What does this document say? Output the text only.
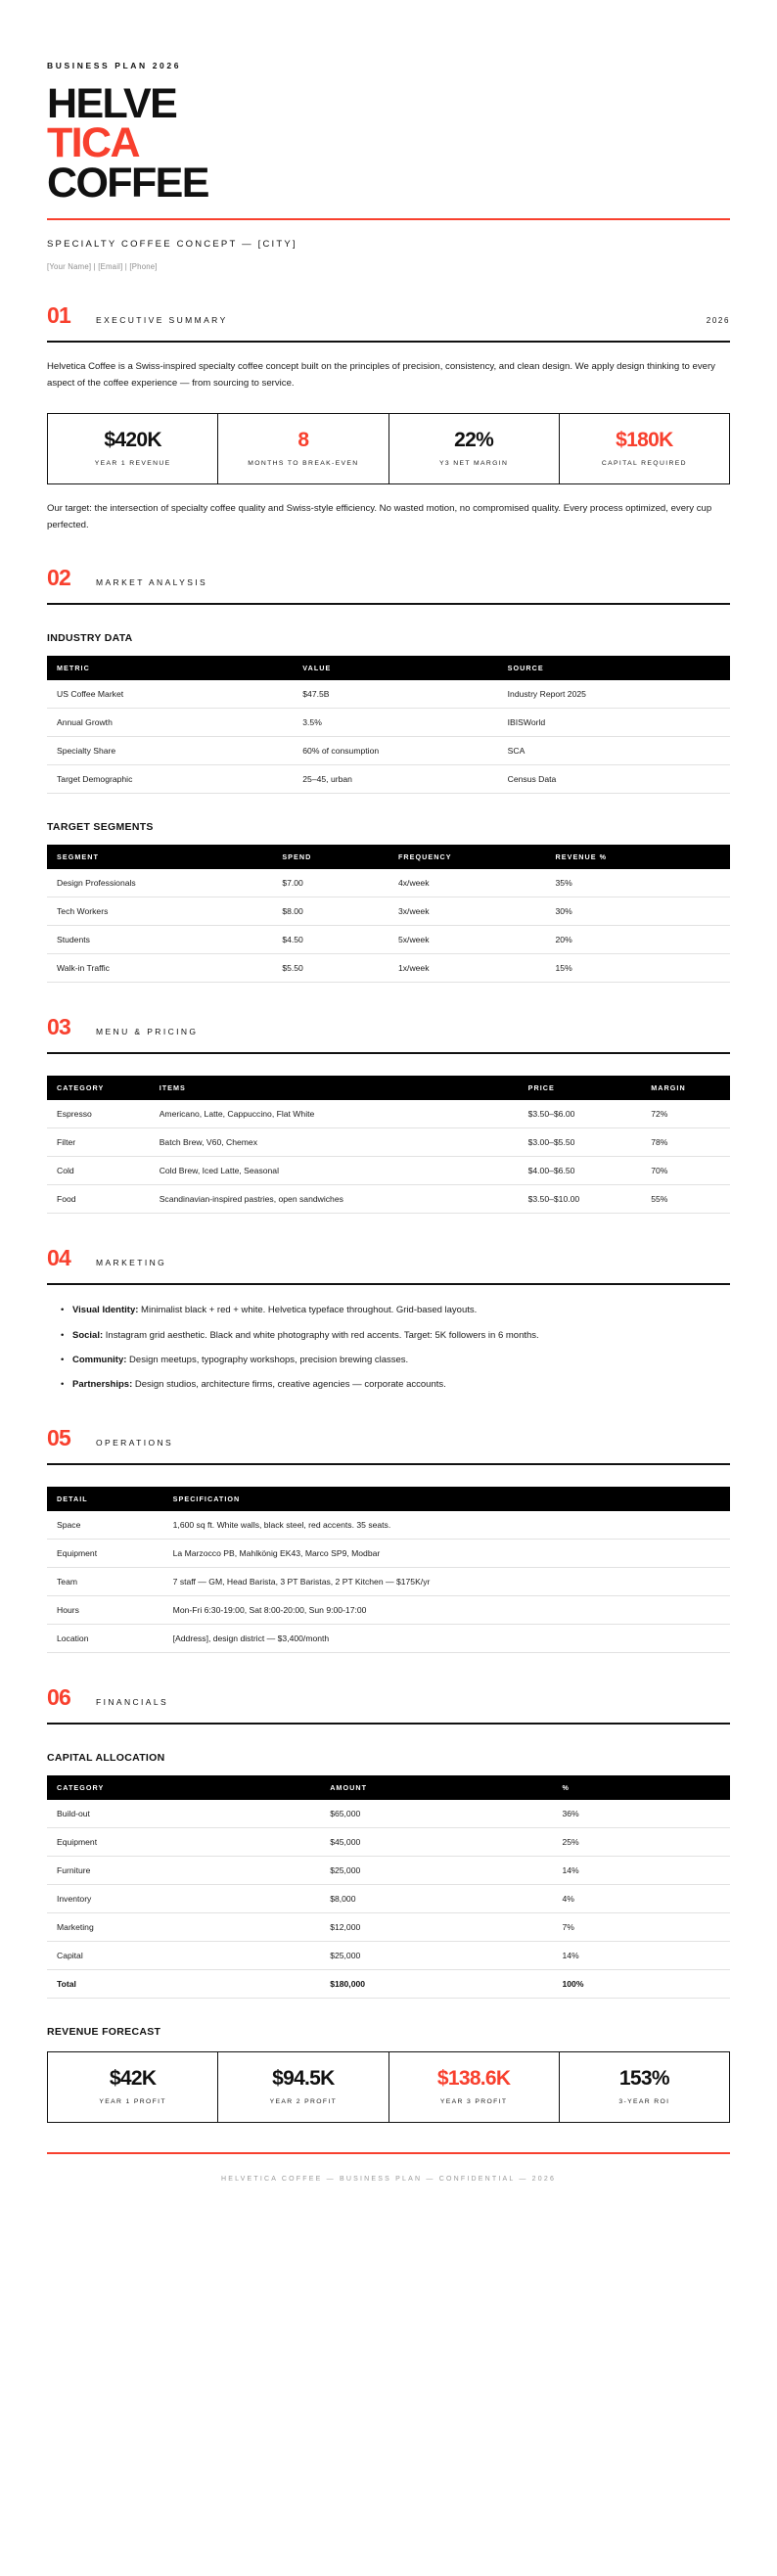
BUSINESS PLAN 2026
HELVE
TICA
COFFEE
SPECIALTY COFFEE CONCEPT — [CITY]
[Your Name] | [Email] | [Phone]
01	EXECUTIVE SUMMARY	2026

Helvetica Coffee is a Swiss-inspired specialty coffee concept built on the principles of precision, consistency, and clean design. We apply design thinking to every aspect of the coffee experience — from sourcing to service.

$420K
YEAR 1 REVENUE
8
MONTHS TO BREAK-EVEN
22%
Y3 NET MARGIN
$180K
CAPITAL REQUIRED

Our target: the intersection of specialty coffee quality and Swiss-style efficiency. No wasted motion, no compromised quality. Every process optimized, every cup perfected.

02	MARKET ANALYSIS
INDUSTRY DATA
METRIC	VALUE	SOURCE
US Coffee Market	$47.5B	Industry Report 2025
Annual Growth	3.5%	IBISWorld
Specialty Share	60% of consumption	SCA
Target Demographic	25–45, urban	Census Data
TARGET SEGMENTS
SEGMENT	SPEND	FREQUENCY	REVENUE %
Design Professionals	$7.00	4x/week	35%
Tech Workers	$8.00	3x/week	30%
Students	$4.50	5x/week	20%
Walk-in Traffic	$5.50	1x/week	15%
03	MENU & PRICING
CATEGORY	ITEMS	PRICE	MARGIN
Espresso	Americano, Latte, Cappuccino, Flat White	$3.50–$6.00	72%
Filter	Batch Brew, V60, Chemex	$3.00–$5.50	78%
Cold	Cold Brew, Iced Latte, Seasonal	$4.00–$6.50	70%
Food	Scandinavian-inspired pastries, open sandwiches	$3.50–$10.00	55%
04	MARKETING
• Visual Identity: Minimalist black + red + white. Helvetica typeface throughout. Grid-based layouts.
• Social: Instagram grid aesthetic. Black and white photography with red accents. Target: 5K followers in 6 months.
• Community: Design meetups, typography workshops, precision brewing classes.
• Partnerships: Design studios, architecture firms, creative agencies — corporate accounts.
05	OPERATIONS
DETAIL	SPECIFICATION
Space	1,600 sq ft. White walls, black steel, red accents. 35 seats.
Equipment	La Marzocco PB, Mahlkönig EK43, Marco SP9, Modbar
Team	7 staff — GM, Head Barista, 3 PT Baristas, 2 PT Kitchen — $175K/yr
Hours	Mon-Fri 6:30-19:00, Sat 8:00-20:00, Sun 9:00-17:00
Location	[Address], design district — $3,400/month
06	FINANCIALS
CAPITAL ALLOCATION
CATEGORY	AMOUNT	%
Build-out	$65,000	36%
Equipment	$45,000	25%
Furniture	$25,000	14%
Inventory	$8,000	4%
Marketing	$12,000	7%
Capital	$25,000	14%
Total	$180,000	100%
REVENUE FORECAST
$42K
YEAR 1 PROFIT
$94.5K
YEAR 2 PROFIT
$138.6K
YEAR 3 PROFIT
153%
3-YEAR ROI
HELVETICA COFFEE — BUSINESS PLAN — CONFIDENTIAL — 2026
